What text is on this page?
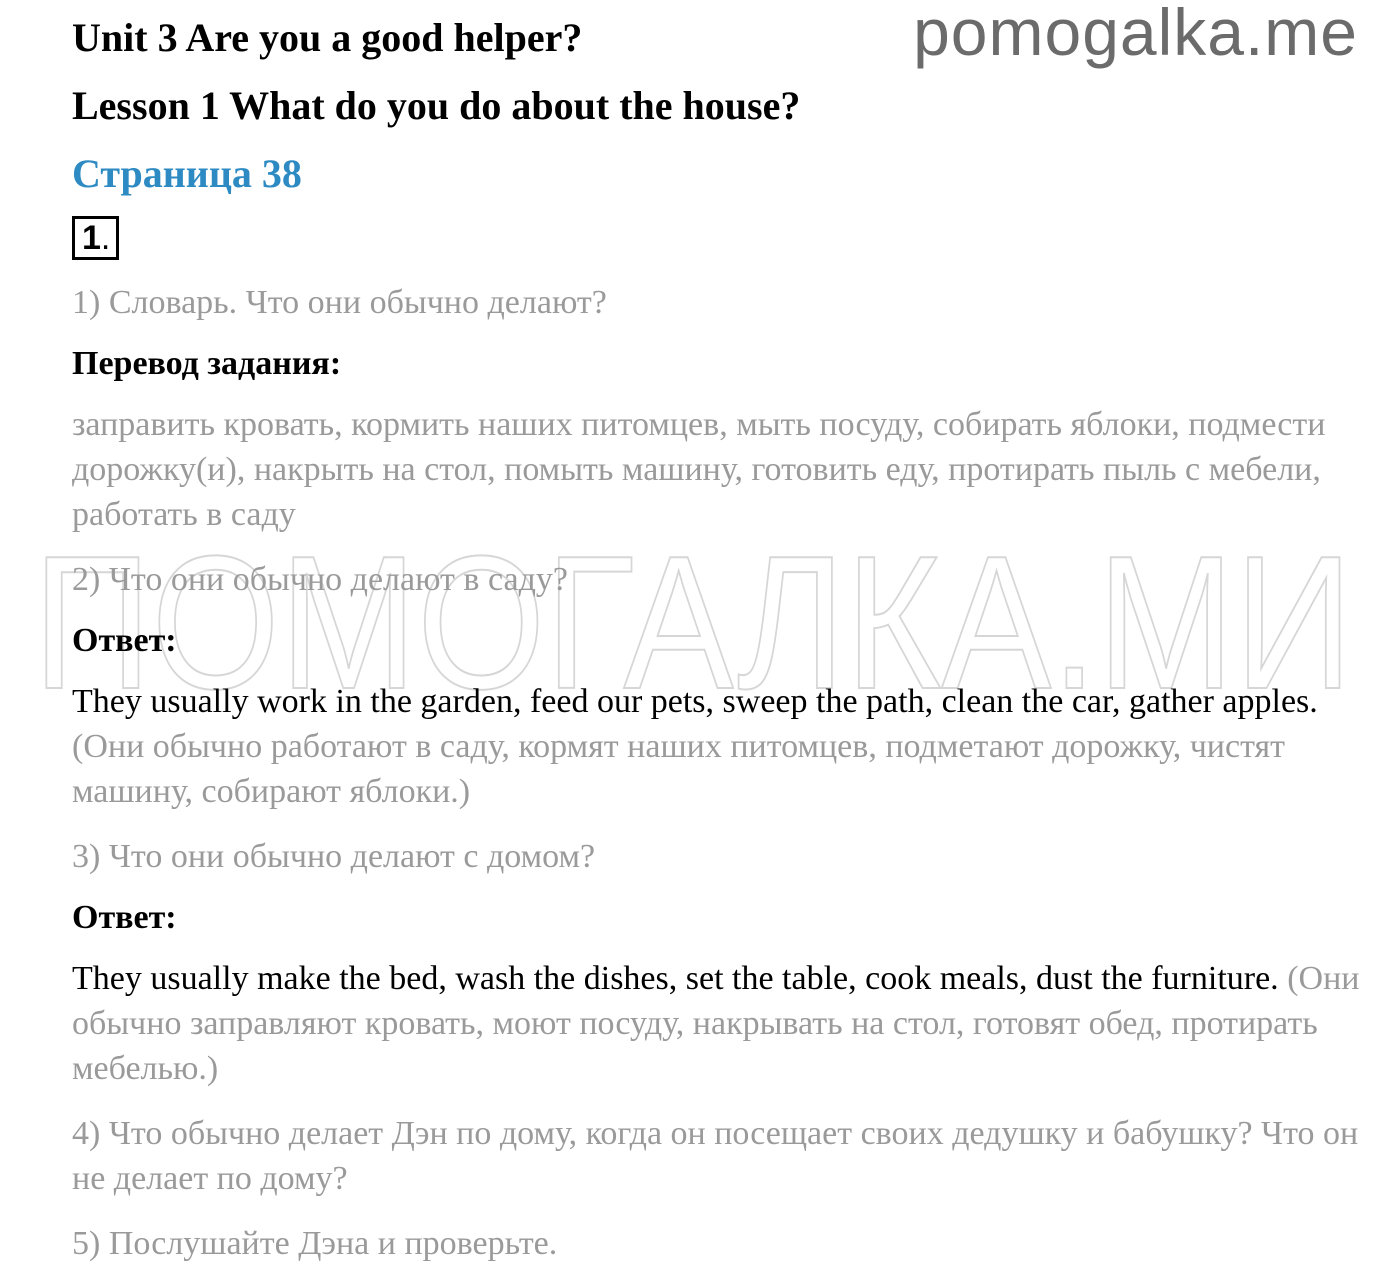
pomogalka.me
ПОМОГАЛКА.МИ
Unit 3 Are you a good helper?
Lesson 1 What do you do about the house?
Страница 38
1.
1) Словарь. Что они обычно делают?
Перевод задания:
заправить кровать, кормить наших питомцев, мыть посуду, собирать яблоки, подмести дорожку(и), накрыть на стол, помыть машину, готовить еду, протирать пыль с мебели, работать в саду
2) Что они обычно делают в саду?
Ответ:
They usually work in the garden, feed our pets, sweep the path, clean the car, gather apples. (Они обычно работают в саду, кормят наших питомцев, подметают дорожку, чистят машину, собирают яблоки.)
3) Что они обычно делают с домом?
Ответ:
They usually make the bed, wash the dishes, set the table, cook meals, dust the furniture. (Они обычно заправляют кровать, моют посуду, накрывать на стол, готовят обед, протирать мебелью.)
4) Что обычно делает Дэн по дому, когда он посещает своих дедушку и бабушку? Что он не делает по дому?
5) Послушайте Дэна и проверьте.
